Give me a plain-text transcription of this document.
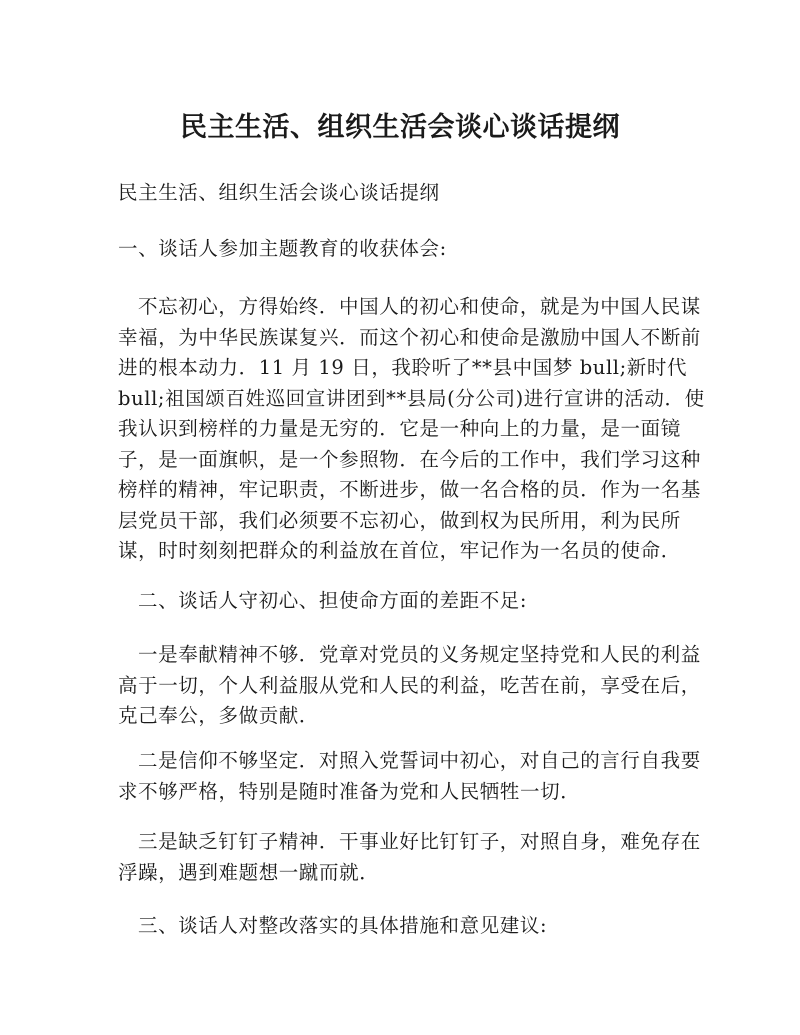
民主生活、组织生活会谈心谈话提纲

民主生活、组织生活会谈心谈话提纲

一、谈话人参加主题教育的收获体会:

不忘初心，方得始终．中国人的初心和使命，就是为中国人民谋幸福，为中华民族谋复兴．而这个初心和使命是激励中国人不断前进的根本动力．11 月 19 日，我聆听了**县中国梦 bull;新时代 bull;祖国颂百姓巡回宣讲团到**县局(分公司)进行宣讲的活动．使我认识到榜样的力量是无穷的．它是一种向上的力量，是一面镜子，是一面旗帜，是一个参照物．在今后的工作中，我们学习这种榜样的精神，牢记职责，不断进步，做一名合格的员．作为一名基层党员干部，我们必须要不忘初心，做到权为民所用，利为民所谋，时时刻刻把群众的利益放在首位，牢记作为一名员的使命．

二、谈话人守初心、担使命方面的差距不足:

一是奉献精神不够．党章对党员的义务规定坚持党和人民的利益高于一切，个人利益服从党和人民的利益，吃苦在前，享受在后，克己奉公，多做贡献．

二是信仰不够坚定．对照入党誓词中初心，对自己的言行自我要求不够严格，特别是随时准备为党和人民牺牲一切．

三是缺乏钉钉子精神．干事业好比钉钉子，对照自身，难免存在浮躁，遇到难题想一蹴而就．

三、谈话人对整改落实的具体措施和意见建议:
